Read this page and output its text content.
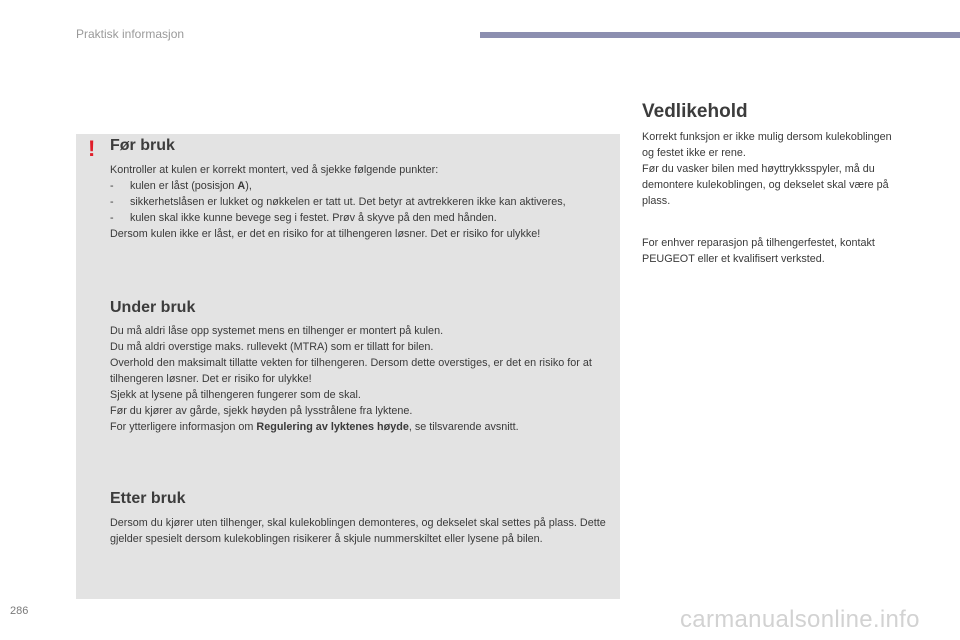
Praktisk informasjon
! Før bruk

Kontroller at kulen er korrekt montert, ved å sjekke følgende punkter:

- kulen er låst (posisjon A),
- sikkerhetslåsen er lukket og nøkkelen er tatt ut. Det betyr at avtrekkeren ikke kan aktiveres,
- kulen skal ikke kunne bevege seg i festet. Prøv å skyve på den med hånden.

Dersom kulen ikke er låst, er det en risiko for at tilhengeren løsner. Det er risiko for ulykke!

Under bruk

Du må aldri låse opp systemet mens en tilhenger er montert på kulen.

Du må aldri overstige maks. rullevekt (MTRA) som er tillatt for bilen.

Overhold den maksimalt tillatte vekten for tilhengeren. Dersom dette overstiges, er det en risiko for at tilhengeren løsner. Det er risiko for ulykke!

Sjekk at lysene på tilhengeren fungerer som de skal.

Før du kjører av gårde, sjekk høyden på lysstrålene fra lyktene.

For ytterligere informasjon om Regulering av lyktenes høyde, se tilsvarende avsnitt.

Etter bruk

Dersom du kjører uten tilhenger, skal kulekoblingen demonteres, og dekselet skal settes på plass. Dette gjelder spesielt dersom kulekoblingen risikerer å skjule nummerskiltet eller lysene på bilen.

Vedlikehold

Korrekt funksjon er ikke mulig dersom kulekoblingen og festet ikke er rene.

Før du vasker bilen med høyttrykksspyler, må du demontere kulekoblingen, og dekselet skal være på plass.

For enhver reparasjon på tilhengerfestet, kontakt PEUGEOT eller et kvalifisert verksted.

286	carmanualsonline.info
